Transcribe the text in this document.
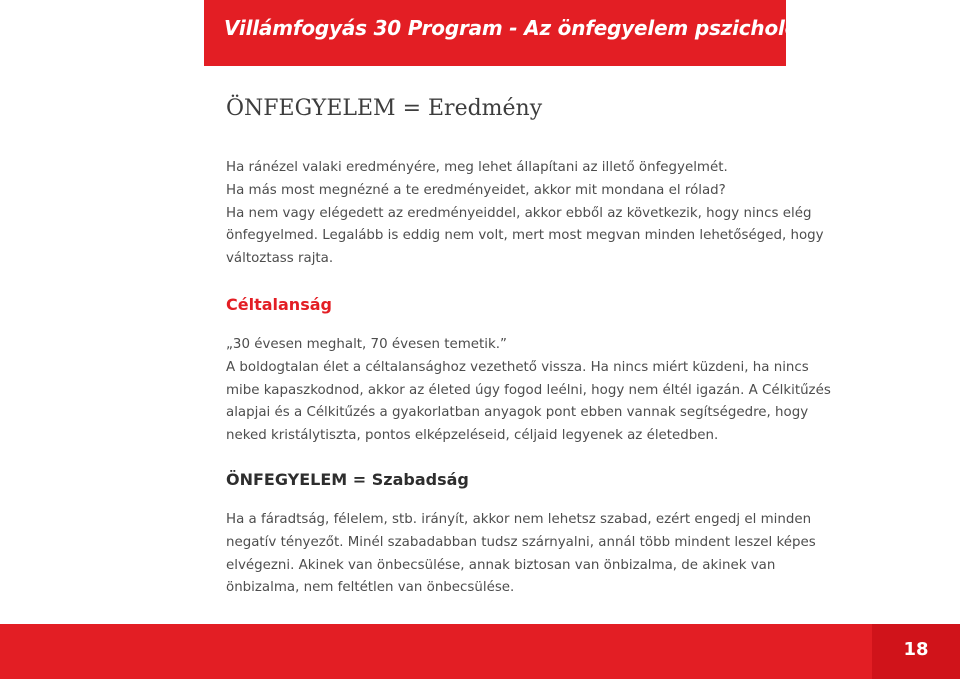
Villámfogyás 30 Program - Az önfegyelem pszichológiája
ÖNFEGYELEM = Eredmény
Ha ránézel valaki eredményére, meg lehet állapítani az illető önfegyelmét.
Ha más most megnézné a te eredményeidet, akkor mit mondana el rólad?
Ha nem vagy elégedett az eredményeiddel, akkor ebből az következik, hogy nincs elég
önfegyelmed. Legalább is eddig nem volt, mert most megvan minden lehetőséged, hogy
változtass rajta.
Céltalanság
„30 évesen meghalt, 70 évesen temetik.”
A boldogtalan élet a céltalansághoz vezethető vissza. Ha nincs miért küzdeni, ha nincs
mibe kapaszkodnod, akkor az életed úgy fogod leélni, hogy nem éltél igazán. A Célkitűzés
alapjai és a Célkitűzés a gyakorlatban anyagok pont ebben vannak segítségedre, hogy
neked kristálytiszta, pontos elképzeléseid, céljaid legyenek az életedben.
ÖNFEGYELEM = Szabadság
Ha a fáradtság, félelem, stb. irányít, akkor nem lehetsz szabad, ezért engedj el minden
negatív tényezőt. Minél szabadabban tudsz szárnyalni, annál több mindent leszel képes
elvégezni. Akinek van önbecsülése, annak biztosan van önbizalma, de akinek van
önbizalma, nem feltétlen van önbecsülése.
18
